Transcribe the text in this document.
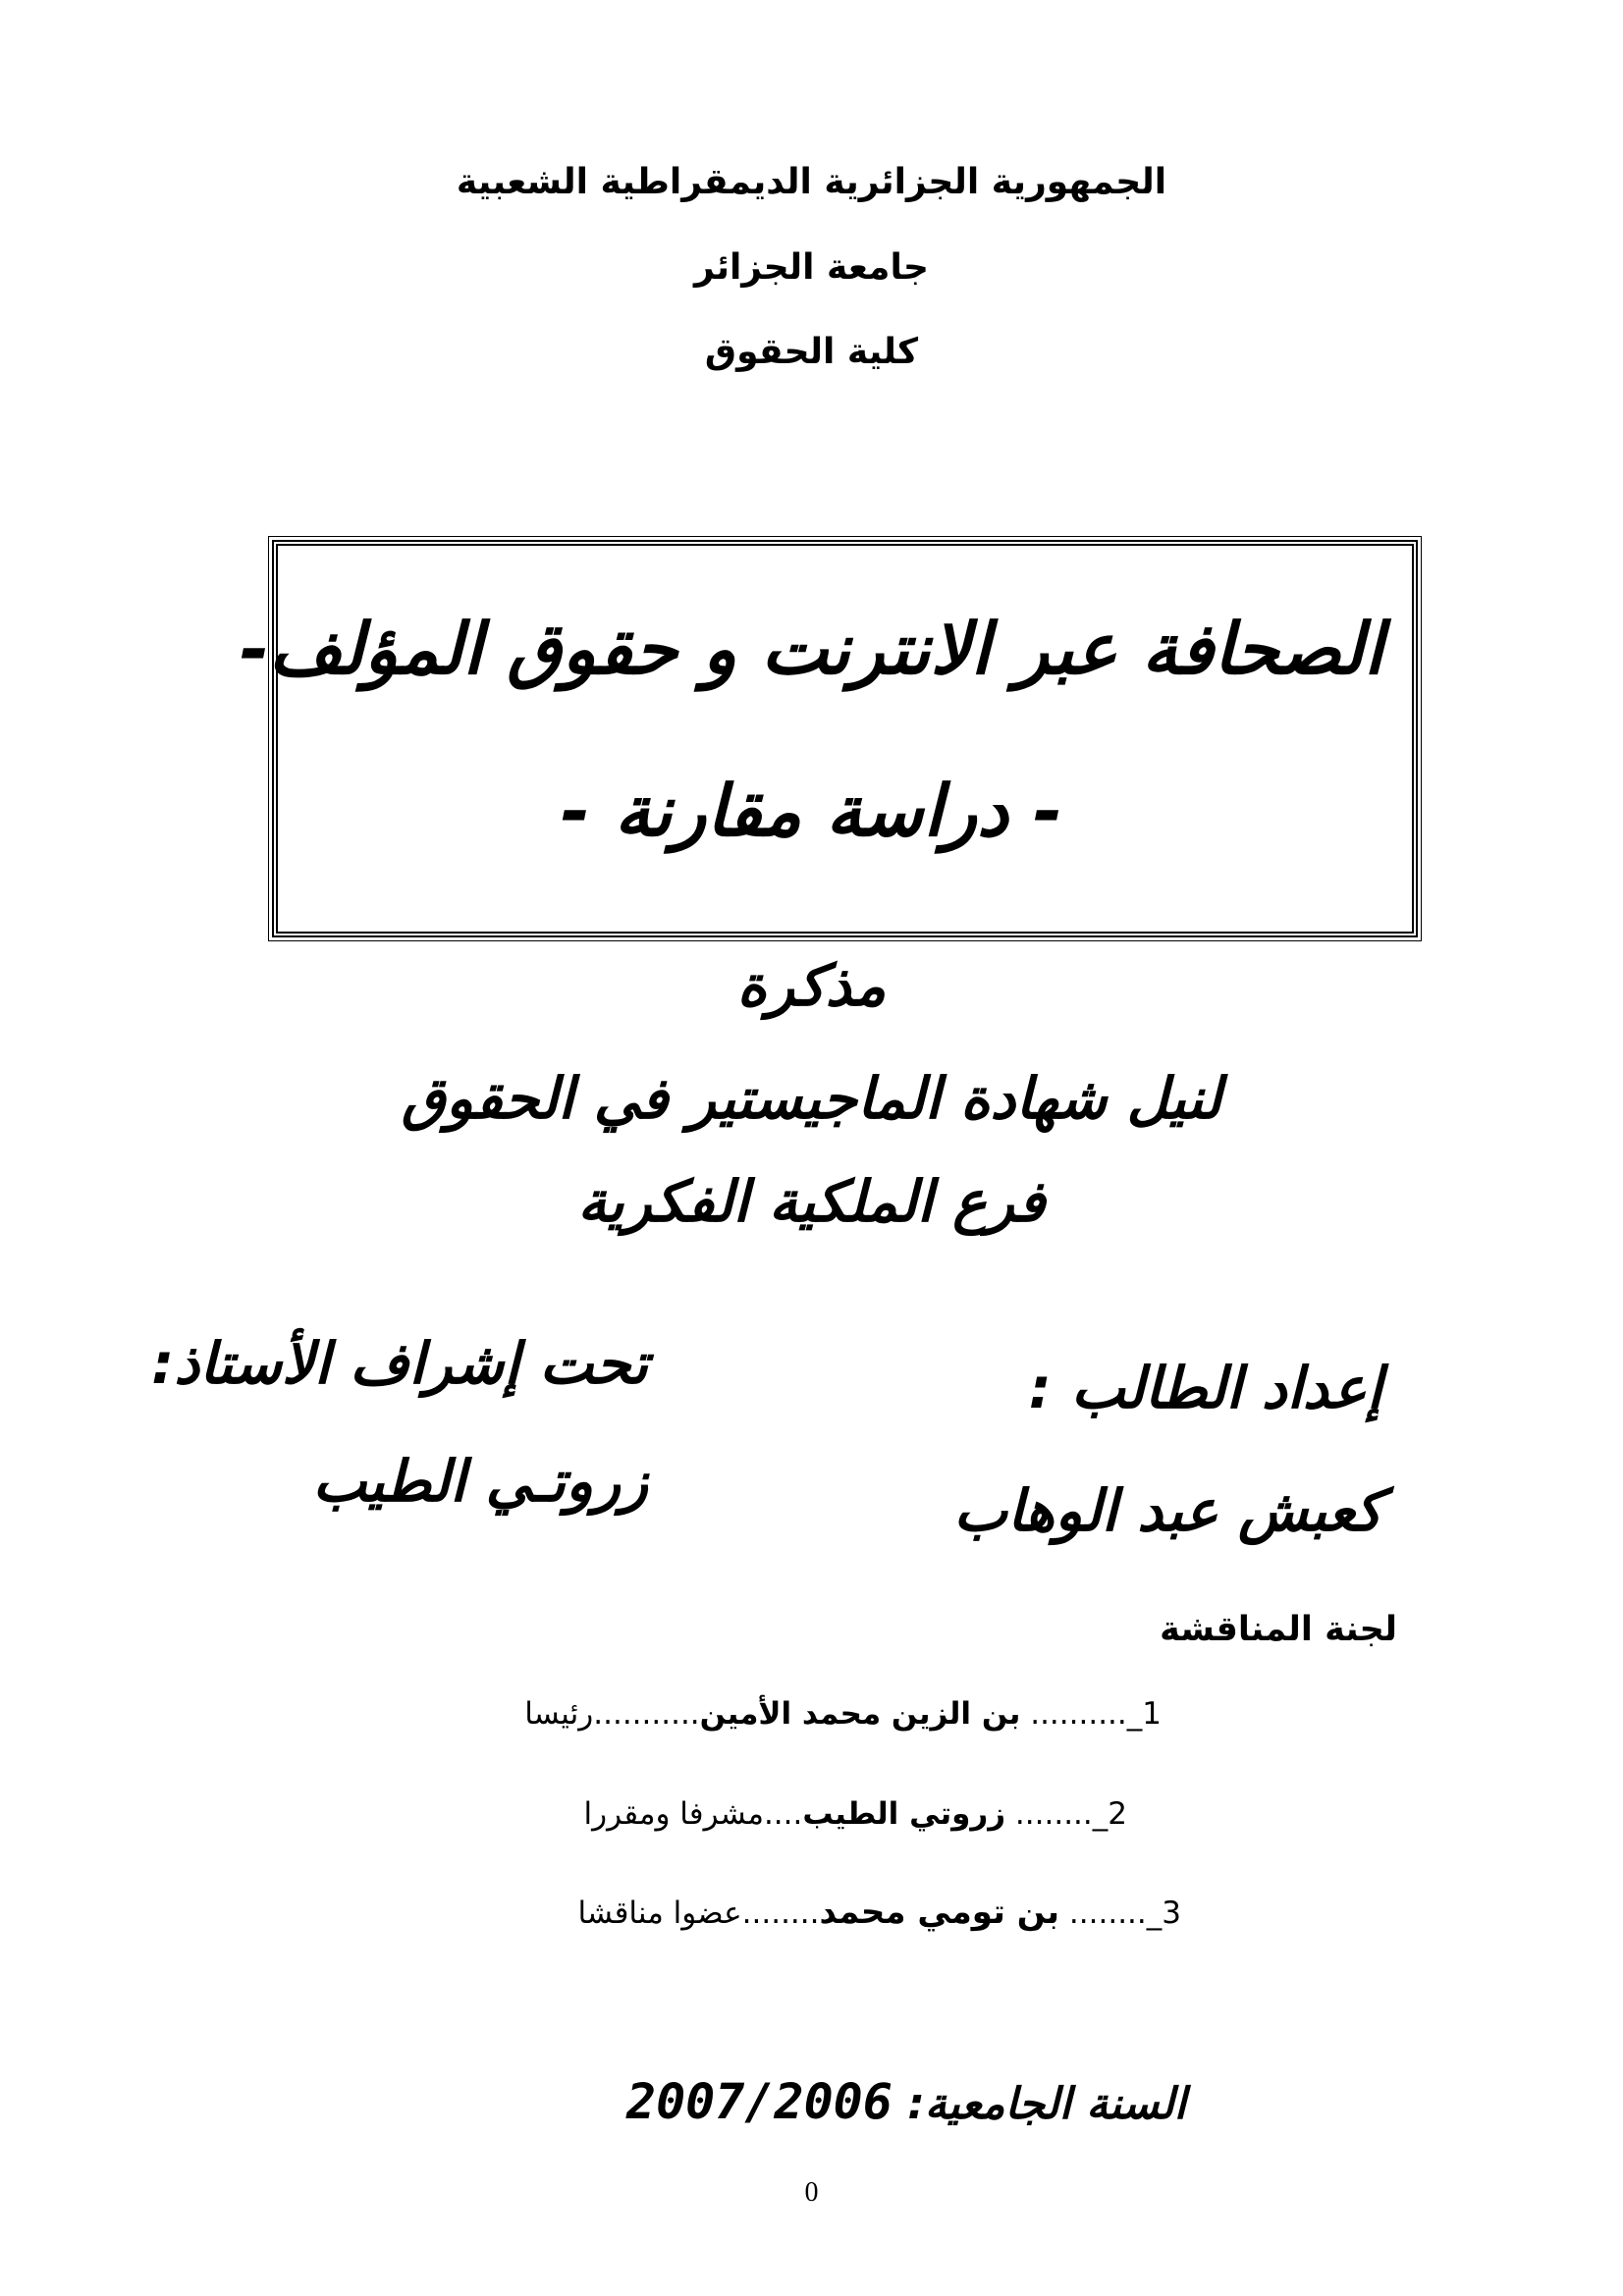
الجمهورية الجزائرية الديمقراطية الشعبية
جامعة الجزائر
كلية الحقوق
الصحافة عبر الانترنت و حقوق المؤلف-
- دراسة مقارنة -
مذكرة
لنيل شهادة الماجيستير في الحقوق
فرع الملكية الفكرية
إعداد الطالب :
كعبش عبد الوهاب
تحت إشراف الأستاذ:
زروتـي الطيب
لجنة المناقشة
1_.......... بن الزين محمد الأمين...........رئيسا
2_........ زروتي الطيب....مشرفا ومقررا
3_........ بن تومي محمد........عضوا مناقشا
السنة الجامعية: 2007/2006
0
